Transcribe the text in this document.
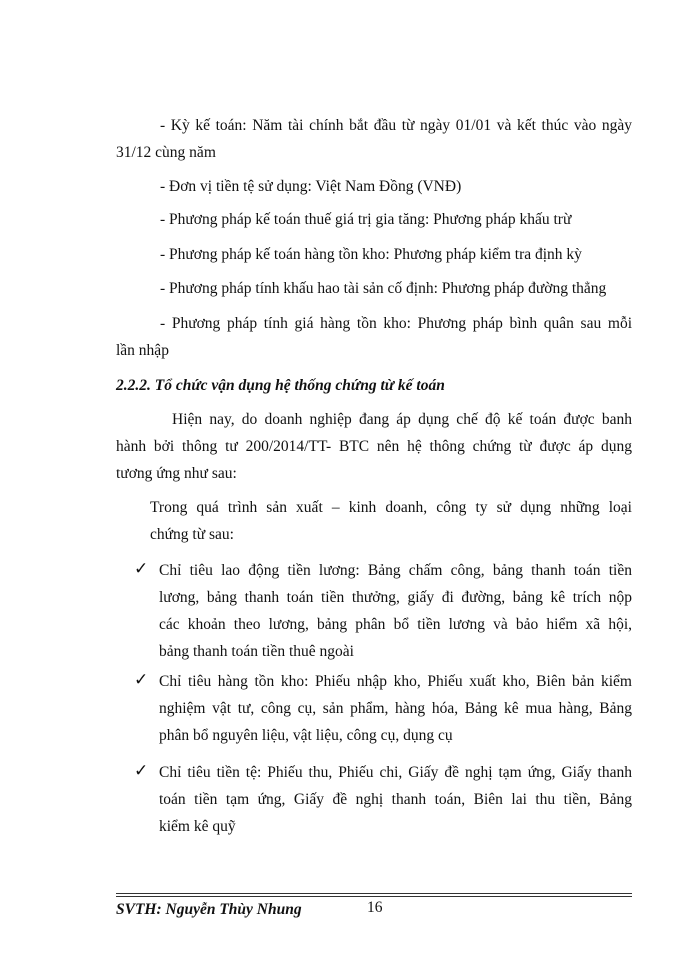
- Kỳ kế toán: Năm tài chính bắt đầu từ ngày 01/01 và kết thúc vào ngày
31/12 cùng năm
- Đơn vị tiền tệ sử dụng: Việt Nam Đồng (VNĐ)
- Phương pháp kế toán thuế giá trị gia tăng: Phương pháp khấu trừ
- Phương pháp kế toán hàng tồn kho: Phương pháp kiểm tra định kỳ
- Phương pháp tính khấu hao tài sản cố định: Phương pháp đường thẳng
- Phương pháp tính giá hàng tồn kho: Phương pháp bình quân sau mỗi
lần nhập
2.2.2. Tổ chức vận dụng hệ thống chứng từ kế toán
Hiện nay, do doanh nghiệp đang áp dụng chế độ kế toán được banh
hành bởi thông tư 200/2014/TT- BTC nên hệ thông chứng từ được áp dụng
tương ứng như sau:
Trong quá trình sản xuất – kinh doanh, công ty sử dụng những loại
chứng từ sau:
✓ Chỉ tiêu lao động tiền lương: Bảng chấm công, bảng thanh toán tiền
lương, bảng thanh toán tiền thưởng, giấy đi đường, bảng kê trích nộp
các khoản theo lương, bảng phân bổ tiền lương và bảo hiểm xã hội,
bảng thanh toán tiền thuê ngoài
✓ Chỉ tiêu hàng tồn kho: Phiếu nhập kho, Phiếu xuất kho, Biên bản kiểm
nghiệm vật tư, công cụ, sản phẩm, hàng hóa, Bảng kê mua hàng, Bảng
phân bổ nguyên liệu, vật liệu, công cụ, dụng cụ
✓ Chỉ tiêu tiền tệ: Phiếu thu, Phiếu chi, Giấy đề nghị tạm ứng, Giấy thanh
toán tiền tạm ứng, Giấy đề nghị thanh toán, Biên lai thu tiền, Bảng
kiểm kê quỹ
SVTH: Nguyễn Thùy Nhung	16
